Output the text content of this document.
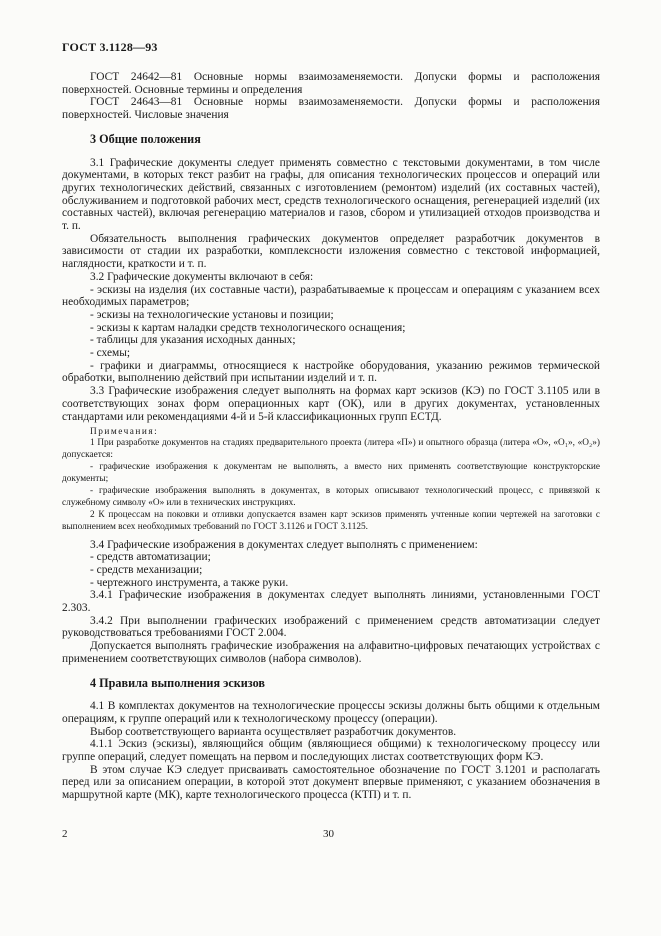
ГОСТ 3.1128—93

ГОСТ 24642—81 Основные нормы взаимозаменяемости. Допуски формы и расположения поверхностей. Основные термины и определения

ГОСТ 24643—81 Основные нормы взаимозаменяемости. Допуски формы и расположения поверхностей. Числовые значения

3 Общие положения

3.1 Графические документы следует применять совместно с текстовыми документами, в том числе документами, в которых текст разбит на графы, для описания технологических процессов и операций или других технологических действий, связанных с изготовлением (ремонтом) изделий (их составных частей), обслуживанием и подготовкой рабочих мест, средств технологического оснащения, регенерацией изделий (их составных частей), включая регенерацию материалов и газов, сбором и утилизацией отходов производства и т. п.

Обязательность выполнения графических документов определяет разработчик документов в зависимости от стадии их разработки, комплексности изложения совместно с текстовой информацией, наглядности, краткости и т. п.

3.2 Графические документы включают в себя:

- эскизы на изделия (их составные части), разрабатываемые к процессам и операциям с указанием всех необходимых параметров;

- эскизы на технологические установы и позиции;

- эскизы к картам наладки средств технологического оснащения;

- таблицы для указания исходных данных;

- схемы;

- графики и диаграммы, относящиеся к настройке оборудования, указанию режимов термической обработки, выполнению действий при испытании изделий и т. п.

3.3 Графические изображения следует выполнять на формах карт эскизов (КЭ) по ГОСТ 3.1105 или в соответствующих зонах форм операционных карт (ОК), или в других документах, установленных стандартами или рекомендациями 4-й и 5-й классификационных групп ЕСТД.

Примечания:

1 При разработке документов на стадиях предварительного проекта (литера «П») и опытного образца (литера «О», «О₁», «О₂») допускается:

- графические изображения к документам не выполнять, а вместо них применять соответствующие конструкторские документы;

- графические изображения выполнять в документах, в которых описывают технологический процесс, с привязкой к служебному символу «О» или в технических инструкциях.

2 К процессам на поковки и отливки допускается взамен карт эскизов применять учтенные копии чертежей на заготовки с выполнением всех необходимых требований по ГОСТ 3.1126 и ГОСТ 3.1125.

3.4 Графические изображения в документах следует выполнять с применением:

- средств автоматизации;

- средств механизации;

- чертежного инструмента, а также руки.

3.4.1 Графические изображения в документах следует выполнять линиями, установленными ГОСТ 2.303.

3.4.2 При выполнении графических изображений с применением средств автоматизации следует руководствоваться требованиями ГОСТ 2.004.

Допускается выполнять графические изображения на алфавитно-цифровых печатающих устройствах с применением соответствующих символов (набора символов).

4 Правила выполнения эскизов

4.1 В комплектах документов на технологические процессы эскизы должны быть общими к отдельным операциям, к группе операций или к технологическому процессу (операции).

Выбор соответствующего варианта осуществляет разработчик документов.

4.1.1 Эскиз (эскизы), являющийся общим (являющиеся общими) к технологическому процессу или группе операций, следует помещать на первом и последующих листах соответствующих форм КЭ.

В этом случае КЭ следует присваивать самостоятельное обозначение по ГОСТ 3.1201 и располагать перед или за описанием операции, в которой этот документ впервые применяют, с указанием обозначения в маршрутной карте (МК), карте технологического процесса (КТП) и т. п.

2	30
